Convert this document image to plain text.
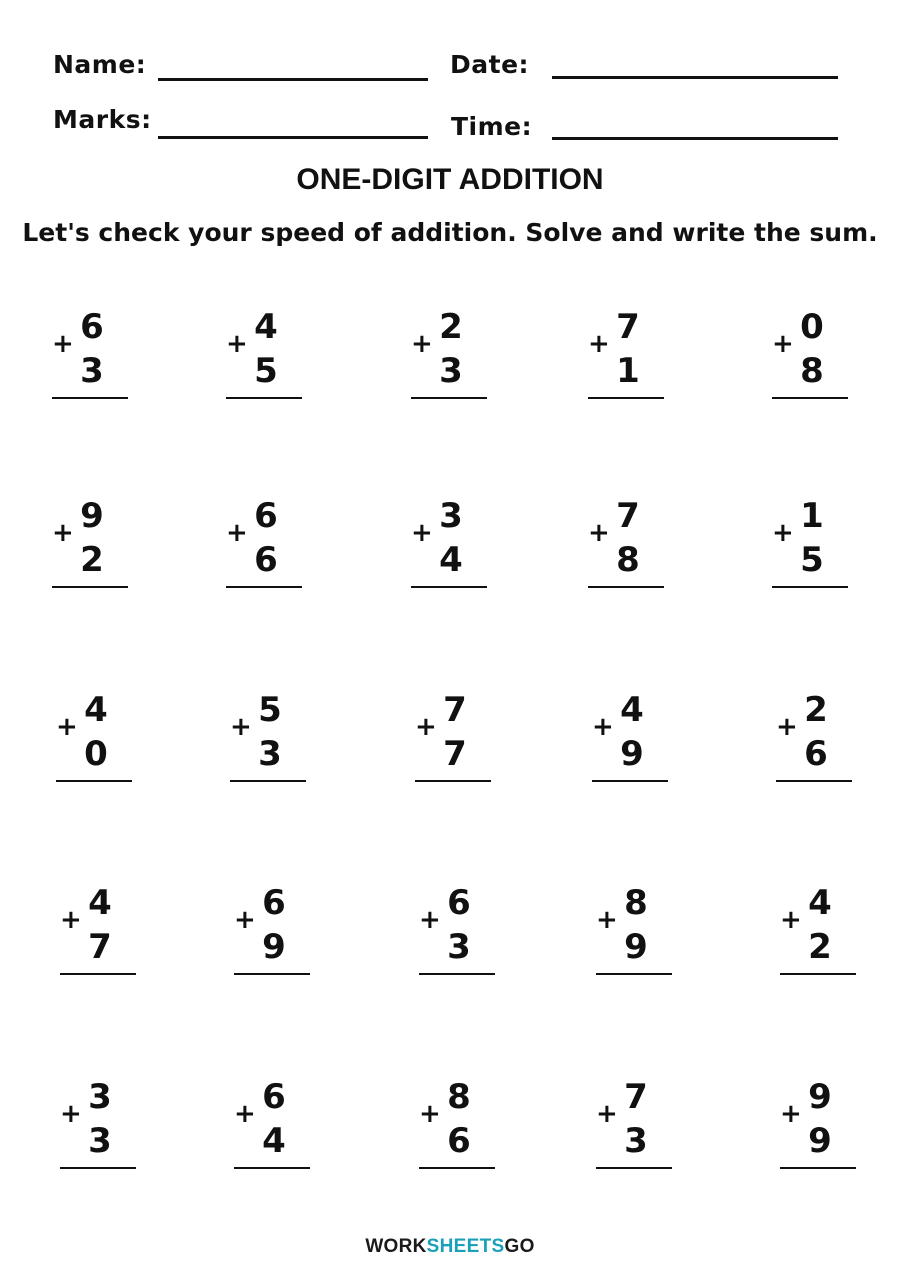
Name:	Date:
Marks:	Time:
ONE-DIGIT ADDITION
Let's check your speed of addition. Solve and write the sum.
6
+
3
4
+
5
2
+
3
7
+
1
0
+
8
9
+
2
6
+
6
3
+
4
7
+
8
1
+
5
4
+
0
5
+
3
7
+
7
4
+
9
2
+
6
4
+
7
6
+
9
6
+
3
8
+
9
4
+
2
3
+
3
6
+
4
8
+
6
7
+
3
9
+
9
WORKSHEETSGO
